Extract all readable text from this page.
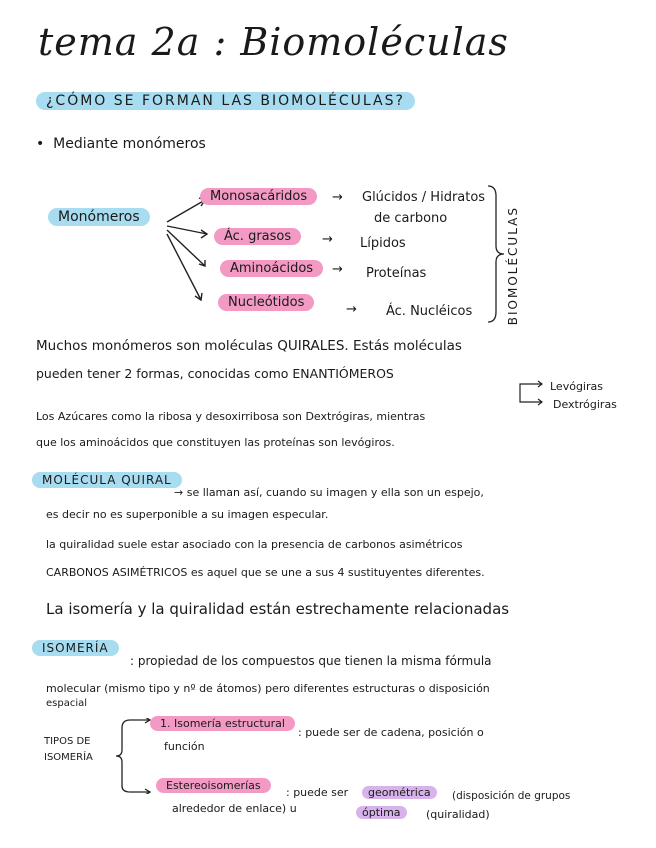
tema 2a : Biomoléculas
¿CÓMO SE FORMAN LAS BIOMOLÉCULAS?
•  Mediante monómeros
Monómeros
Monosacáridos	→ Glúcidos / Hidratos
de carbono
Ác. grasos	→ Lípidos
Aminoácidos	→ Proteínas
Nucleótidos	→ Ác. Nucléicos	BIOMOLÉCULAS
Muchos monómeros son moléculas QUIRALES. Estás moléculas
pueden tener 2 formas, conocidas como ENANTIÓMEROS
Levógiras
Dextrógiras
Los Azúcares como la ribosa y desoxirribosa son Dextrógiras, mientras
que los aminoácidos que constituyen las proteínas son levógiros.
MOLÉCULA QUIRAL
→ se llaman así, cuando su imagen y ella son un espejo,
es decir no es superponible a su imagen especular.
la quiralidad suele estar asociado con la presencia de carbonos asimétricos
CARBONOS ASIMÉTRICOS es aquel que se une a sus 4 sustituyentes diferentes.
La isomería y la quiralidad están estrechamente relacionadas
ISOMERÍA
: propiedad de los compuestos que tienen la misma fórmula
molecular (mismo tipo y nº de átomos) pero diferentes estructuras o disposición
espacial
TIPOS DE
ISOMERÍA
1. Isomería estructural
: puede ser de cadena, posición o
función
Estereoisomerías
: puede ser	geométrica	(disposición de grupos
alrededor de enlace) u	óptima	(quiralidad)
